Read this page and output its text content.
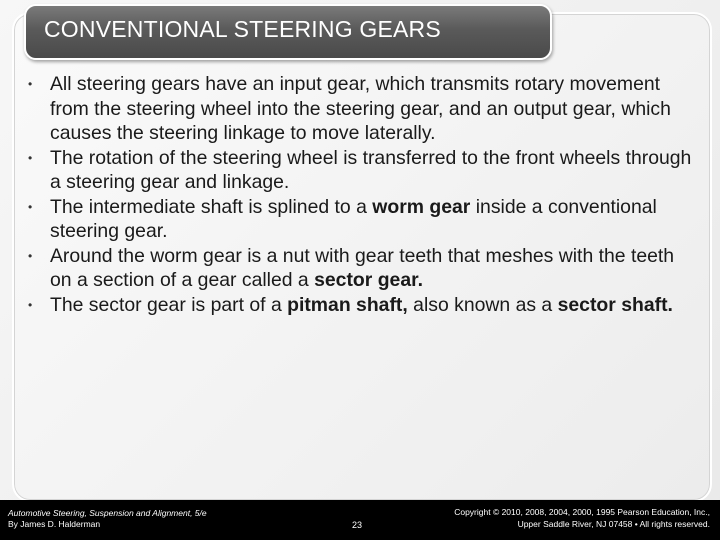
CONVENTIONAL STEERING GEARS
• All steering gears have an input gear, which transmits rotary movement from the steering wheel into the steering gear, and an output gear, which causes the steering linkage to move laterally.
• The rotation of the steering wheel is transferred to the front wheels through a steering gear and linkage.
• The intermediate shaft is splined to a worm gear inside a conventional steering gear.
• Around the worm gear is a nut with gear teeth that meshes with the teeth on a section of a gear called a sector gear.
• The sector gear is part of a pitman shaft, also known as a sector shaft.
Automotive Steering, Suspension and Alignment, 5/e
By James D. Halderman	23
Copyright © 2010, 2008, 2004, 2000, 1995 Pearson Education, Inc.,
Upper Saddle River, NJ 07458 • All rights reserved.
